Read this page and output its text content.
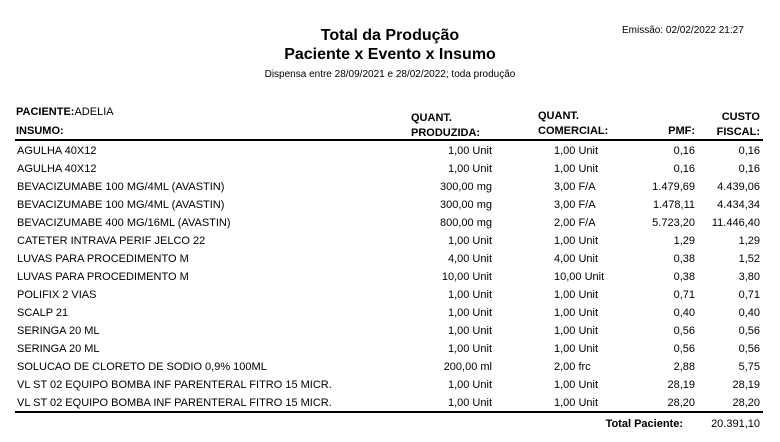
Total da Produção
Paciente x Evento x Insumo
Dispensa entre 28/09/2021 e 28/02/2022; toda produção
Emissão: 02/02/2022 21:27
PACIENTE:ADELIA
INSUMO:
QUANT.
PRODUZIDA:
QUANT.
COMERCIAL:	PMF:
CUSTO
FISCAL:
AGULHA 40X12	1,00 Unit	1,00 Unit	0,16	0,16
AGULHA 40X12	1,00 Unit	1,00 Unit	0,16	0,16
BEVACIZUMABE 100 MG/4ML (AVASTIN)	300,00 mg	3,00 F/A	1.479,69 4.439,06
BEVACIZUMABE 100 MG/4ML (AVASTIN)	300,00 mg	3,00 F/A	1.478,11 4.434,34
BEVACIZUMABE 400 MG/16ML (AVASTIN)	800,00 mg	2,00 F/A	5.723,20 11.446,40
CATETER INTRAVA PERIF JELCO 22	1,00 Unit	1,00 Unit	1,29	1,29
LUVAS PARA PROCEDIMENTO M	4,00 Unit	4,00 Unit	0,38	1,52
LUVAS PARA PROCEDIMENTO M	10,00 Unit	10,00 Unit	0,38	3,80
POLIFIX 2 VIAS	1,00 Unit	1,00 Unit	0,71	0,71
SCALP 21	1,00 Unit	1,00 Unit	0,40	0,40
SERINGA 20 ML	1,00 Unit	1,00 Unit	0,56	0,56
SERINGA 20 ML	1,00 Unit	1,00 Unit	0,56	0,56
SOLUCAO DE CLORETO DE SODIO 0,9% 100ML	200,00 ml	2,00 frc	2,88	5,75
VL ST 02 EQUIPO BOMBA INF PARENTERAL FITRO 15 MICR.	1,00 Unit	1,00 Unit	28,19	28,19
VL ST 02 EQUIPO BOMBA INF PARENTERAL FITRO 15 MICR.	1,00 Unit	1,00 Unit	28,20	28,20
Total Paciente:	20.391,10
